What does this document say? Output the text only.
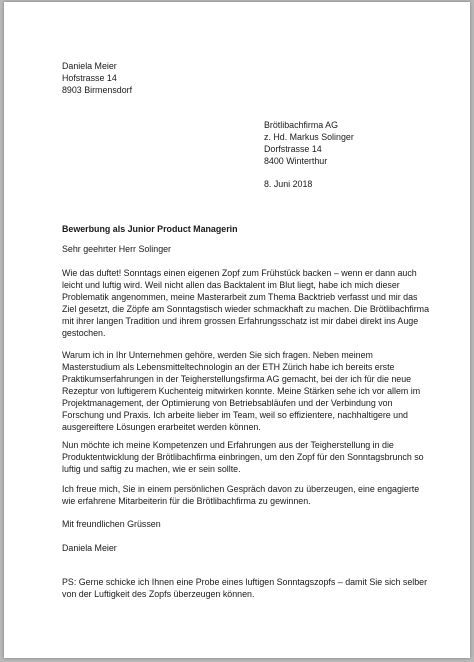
Daniela Meier
Hofstrasse 14
8903 Birmensdorf
Brötlibachfirma AG
z. Hd. Markus Solinger
Dorfstrasse 14
8400 Winterthur
8. Juni 2018
Bewerbung als Junior Product Managerin
Sehr geehrter Herr Solinger
Wie das duftet! Sonntags einen eigenen Zopf zum Frühstück backen – wenn er dann auch
leicht und luftig wird. Weil nicht allen das Backtalent im Blut liegt, habe ich mich dieser
Problematik angenommen, meine Masterarbeit zum Thema Backtrieb verfasst und mir das
Ziel gesetzt, die Zöpfe am Sonntagstisch wieder schmackhaft zu machen. Die Brötlibachfirma
mit ihrer langen Tradition und ihrem grossen Erfahrungsschatz ist mir dabei direkt ins Auge
gestochen.
Warum ich in Ihr Unternehmen gehöre, werden Sie sich fragen. Neben meinem
Masterstudium als Lebensmitteltechnologin an der ETH Zürich habe ich bereits erste
Praktikumserfahrungen in der Teigherstellungsfirma AG gemacht, bei der ich für die neue
Rezeptur von luftigerem Kuchenteig mitwirken konnte. Meine Stärken sehe ich vor allem im
Projektmanagement, der Optimierung von Betriebsabläufen und der Verbindung von
Forschung und Praxis. Ich arbeite lieber im Team, weil so effizientere, nachhaltigere und
ausgereiftere Lösungen erarbeitet werden können.
Nun möchte ich meine Kompetenzen und Erfahrungen aus der Teigherstellung in die
Produktentwicklung der Brötlibachfirma einbringen, um den Zopf für den Sonntagsbrunch so
luftig und saftig zu machen, wie er sein sollte.
Ich freue mich, Sie in einem persönlichen Gespräch davon zu überzeugen, eine engagierte
wie erfahrene Mitarbeiterin für die Brötlibachfirma zu gewinnen.
Mit freundlichen Grüssen
Daniela Meier
PS: Gerne schicke ich Ihnen eine Probe eines luftigen Sonntagszopfs – damit Sie sich selber
von der Luftigkeit des Zopfs überzeugen können.
